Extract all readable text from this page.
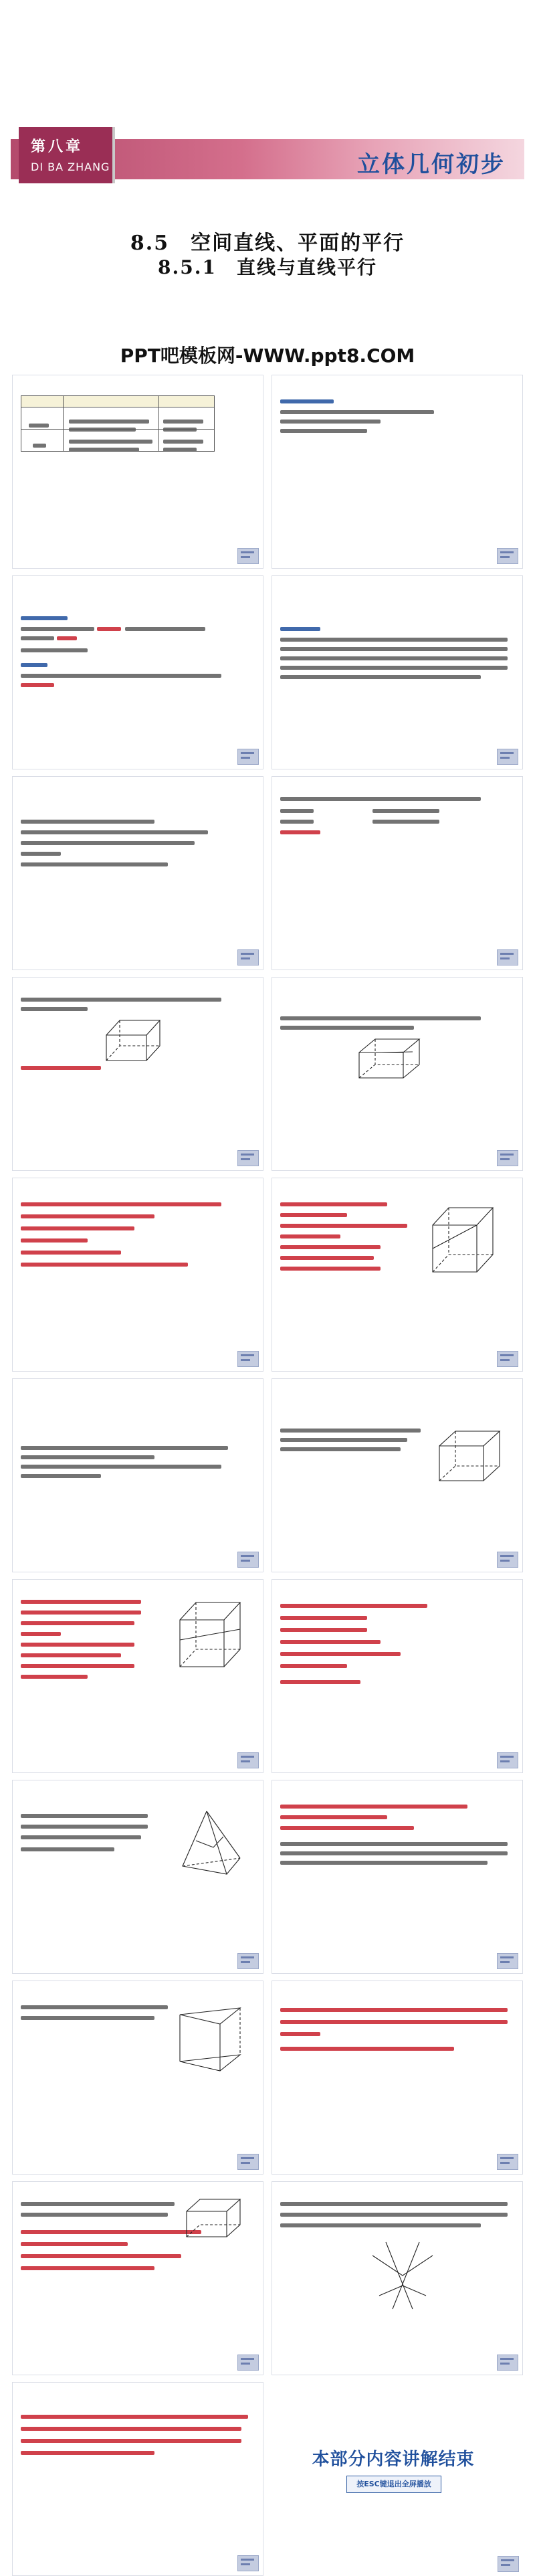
第八章
DI BA ZHANG	立体几何初步
8.5　空间直线、平面的平行
8.5.1　直线与直线平行
PPT吧模板网-WWW.ppt8.COM

本部分内容讲解结束
按ESC键退出全屏播放
